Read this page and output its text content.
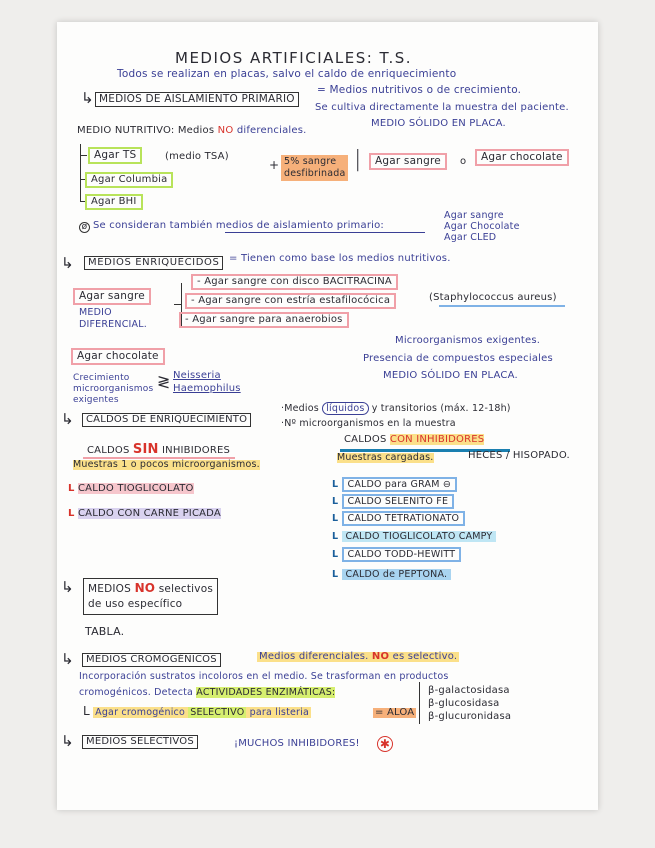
MEDIOS ARTIFICIALES: T.S.
Todos se realizan en placas, salvo el caldo de enriquecimiento
↳ MEDIOS DE AISLAMIENTO PRIMARIO
= Medios nutritivos o de crecimiento.
Se cultiva directamente la muestra del paciente.
MEDIO SÓLIDO EN PLACA.
MEDIO NUTRITIVO: Medios NO diferenciales.
Agar TS	(medio TSA)
Agar Columbia
Agar BHI
+ 5% sangre
desfibrinada
|	Agar sangre	o	Agar chocolate
ø Se consideran también medios de aislamiento primario:
Agar sangre
Agar Chocolate
Agar CLED
↳	MEDIOS ENRIQUECIDOS = Tienen como base los medios nutritivos.
Agar sangre
MEDIO DIFERENCIAL.
- Agar sangre con disco BACITRACINA
- Agar sangre con estría estafilocócica
- Agar sangre para anaerobios
(Staphylococcus aureus)
Microorganismos exigentes.
Presencia de compuestos especiales
MEDIO SÓLIDO EN PLACA.
Agar chocolate
Crecimiento microorganismos exigentes
≷ Neisseria
Haemophilus
↳	CALDOS DE ENRIQUECIMIENTO
·Medios líquidos y transitorios (máx. 12-18h)
·Nº microorganismos en la muestra
CALDOS SIN INHIBIDORES
Muestras 1 o pocos microorganismos.
L CALDO TIOGLICOLATO
L CALDO CON CARNE PICADA
CALDOS CON INHIBIDORES
Muestras cargadas.	HECES / HISOPADO.
L CALDO para GRAM ⊖
L CALDO SELENITO FE
L CALDO TETRATIONATO
L CALDO TIOGLICOLATO CAMPY
L CALDO TODD-HEWITT
L CALDO de PEPTONA.
↳ MEDIOS NO selectivos
de uso específico
TABLA.
↳	MEDIOS CROMOGÉNICOS	Medios diferenciales. NO es selectivo.
Incorporación sustratos incoloros en el medio. Se trasforman en productos
cromogénicos. Detecta ACTIVIDADES ENZIMÁTICAS:
L Agar cromogénico SELECTIVO para listeria	= ALOA
β-galactosidasa
β-glucosidasa
β-glucuronidasa
↳	MEDIOS SELECTIVOS	¡MUCHOS INHIBIDORES! ✱
